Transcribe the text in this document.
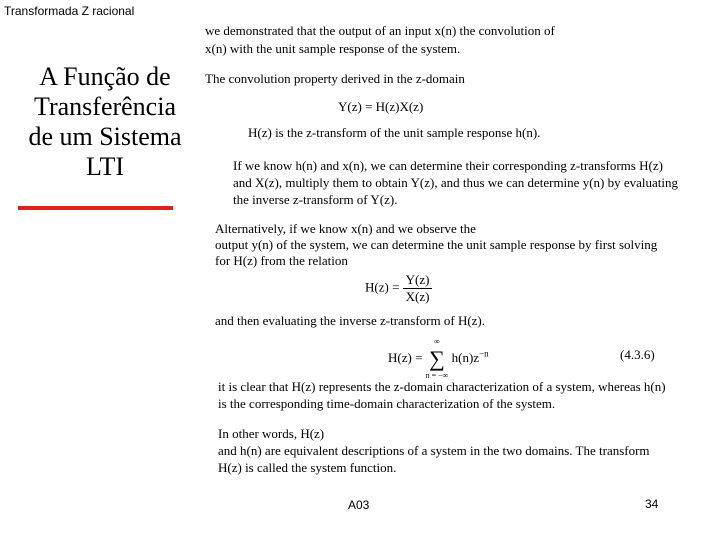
Transformada Z racional
A Função de
Transferência
de um Sistema
LTI
we demonstrated that the output of an input x(n) the convolution of
x(n) with the unit sample response of the system.
The convolution property derived in the z-domain
Y(z) = H(z)X(z)
H(z) is the z-transform of the unit sample response h(n).
If we know h(n) and x(n), we can determine their corresponding z-transforms H(z)
and X(z), multiply them to obtain Y(z), and thus we can determine y(n) by evaluating
the inverse z-transform of Y(z).
Alternatively, if we know x(n) and we observe the
output y(n) of the system, we can determine the unit sample response by first solving
for H(z) from the relation
$H(z) = \frac{Y(z)}{X(z)}$
and then evaluating the inverse z-transform of H(z).
H(z) =
∞
∑
n = −∞
$h(n)z^{-n}$	(4.3.6)
it is clear that H(z) represents the z-domain characterization of a system, whereas h(n)
is the corresponding time-domain characterization of the system.
In other words, H(z)
and h(n) are equivalent descriptions of a system in the two domains. The transform
H(z) is called the system function.
A03	34
